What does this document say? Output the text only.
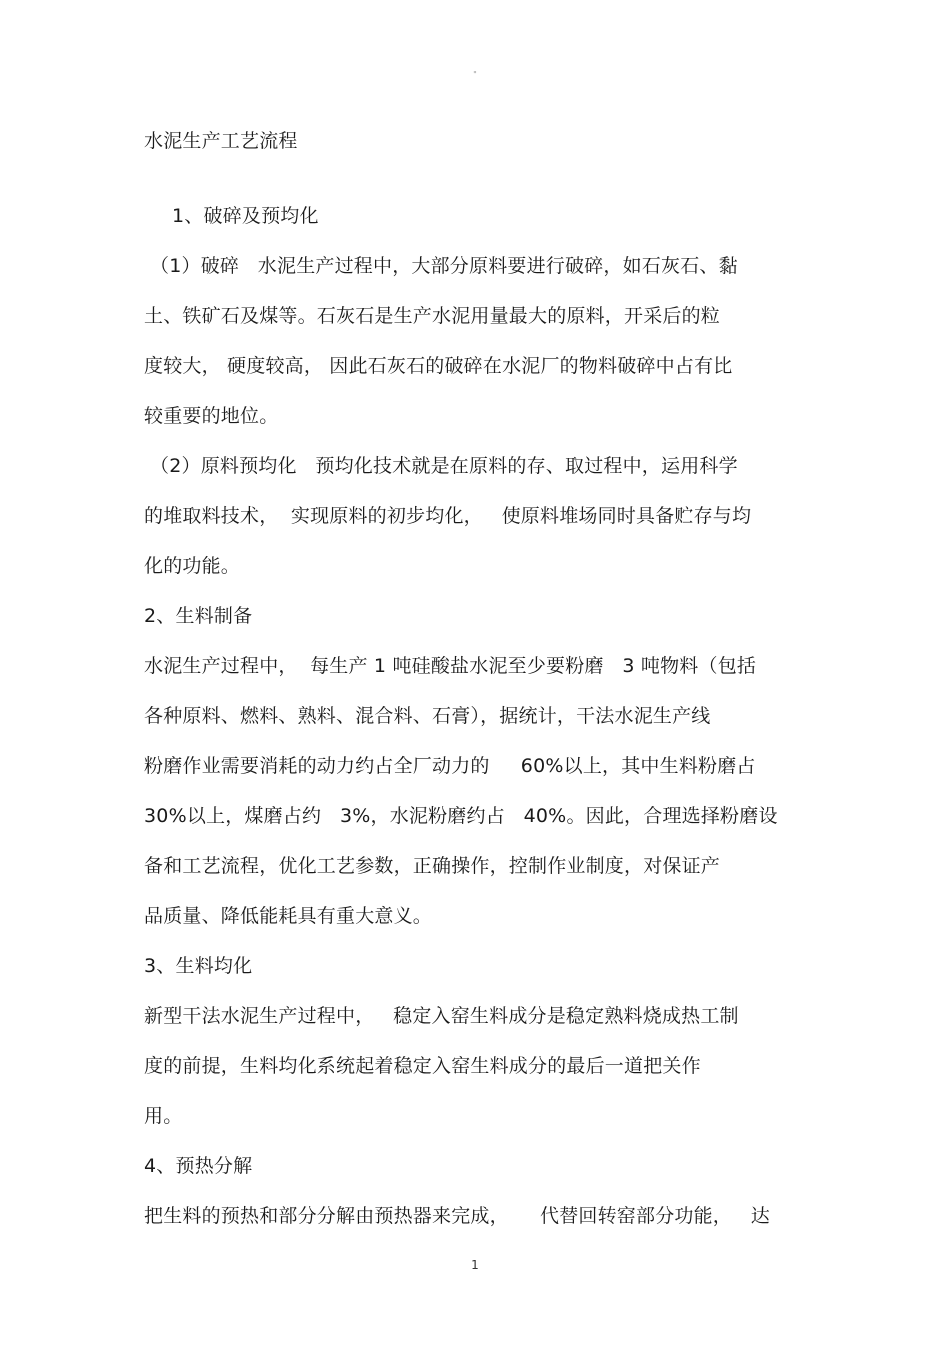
"
水泥生产工艺流程
1、破碎及预均化
（1）破碎   水泥生产过程中，大部分原料要进行破碎，如石灰石、黏
土、铁矿石及煤等。石灰石是生产水泥用量最大的原料，开采后的粒
度较大， 硬度较高， 因此石灰石的破碎在水泥厂的物料破碎中占有比
较重要的地位。
（2）原料预均化   预均化技术就是在原料的存、取过程中，运用科学
的堆取料技术，  实现原料的初步均化，   使原料堆场同时具备贮存与均
化的功能。
2、生料制备
水泥生产过程中，  每生产 1 吨硅酸盐水泥至少要粉磨   3 吨物料（包括
各种原料、燃料、熟料、混合料、石膏），据统计，干法水泥生产线
粉磨作业需要消耗的动力约占全厂动力的     60%以上，其中生料粉磨占
30%以上，煤磨占约   3%，水泥粉磨约占   40%。因此，合理选择粉磨设
备和工艺流程，优化工艺参数，正确操作，控制作业制度，对保证产
品质量、降低能耗具有重大意义。
3、生料均化
新型干法水泥生产过程中，   稳定入窑生料成分是稳定熟料烧成热工制
度的前提，生料均化系统起着稳定入窑生料成分的最后一道把关作
用。
4、预热分解
把生料的预热和部分分解由预热器来完成，     代替回转窑部分功能，   达
1
